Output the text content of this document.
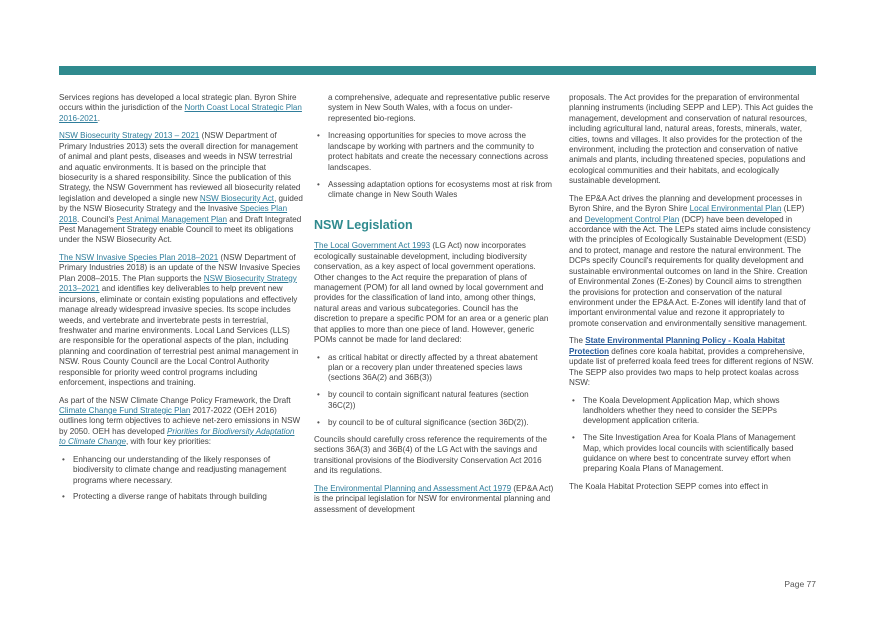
Services regions has developed a local strategic plan. Byron Shire occurs within the jurisdiction of the North Coast Local Strategic Plan 2016-2021.

NSW Biosecurity Strategy 2013 – 2021 (NSW Department of Primary Industries 2013) sets the overall direction for management of animal and plant pests, diseases and weeds in NSW terrestrial and aquatic environments. It is based on the principle that biosecurity is a shared responsibility. Since the publication of this Strategy, the NSW Government has reviewed all biosecurity related legislation and developed a single new NSW Biosecurity Act, guided by the NSW Biosecurity Strategy and the Invasive Species Plan 2018. Council's Pest Animal Management Plan and Draft Integrated Pest Management Strategy enable Council to meet its obligations under the NSW Biosecurity Act.

The NSW Invasive Species Plan 2018–2021 (NSW Department of Primary Industries 2018) is an update of the NSW Invasive Species Plan 2008–2015. The Plan supports the NSW Biosecurity Strategy 2013–2021 and identifies key deliverables to help prevent new incursions, eliminate or contain existing populations and effectively manage already widespread invasive species. Its scope includes weeds, and vertebrate and invertebrate pests in terrestrial, freshwater and marine environments. Local Land Services (LLS) are responsible for the operational aspects of the plan, including planning and coordination of terrestrial pest animal management in NSW. Rous County Council are the Local Control Authority responsible for priority weed control programs including enforcement, inspections and training.

As part of the NSW Climate Change Policy Framework, the Draft Climate Change Fund Strategic Plan 2017-2022 (OEH 2016) outlines long term objectives to achieve net-zero emissions in NSW by 2050. OEH has developed Priorities for Biodiversity Adaptation to Climate Change, with four key priorities:

• Enhancing our understanding of the likely responses of biodiversity to climate change and readjusting management programs where necessary.
• Protecting a diverse range of habitats through building

a comprehensive, adequate and representative public reserve system in New South Wales, with a focus on under-represented bio-regions.

• Increasing opportunities for species to move across the landscape by working with partners and the community to protect habitats and create the necessary connections across landscapes.
• Assessing adaptation options for ecosystems most at risk from climate change in New South Wales
NSW Legislation

The Local Government Act 1993 (LG Act) now incorporates ecologically sustainable development, including biodiversity conservation, as a key aspect of local government operations. Other changes to the Act require the preparation of plans of management (POM) for all land owned by local government and provides for the classification of land into, among other things, natural areas and various subcategories. Council has the discretion to prepare a specific POM for an area or a generic plan that applies to more than one piece of land. However, generic POMs cannot be made for land declared:

• as critical habitat or directly affected by a threat abatement plan or a recovery plan under threatened species laws (sections 36A(2) and 36B(3))
• by council to contain significant natural features (section 36C(2))
• by council to be of cultural significance (section 36D(2)).

Councils should carefully cross reference the requirements of the sections 36A(3) and 36B(4) of the LG Act with the savings and transitional provisions of the Biodiversity Conservation Act 2016 and its regulations.

The Environmental Planning and Assessment Act 1979 (EP&A Act) is the principal legislation for NSW for environmental planning and assessment of development

proposals. The Act provides for the preparation of environmental planning instruments (including SEPP and LEP). This Act guides the management, development and conservation of natural resources, including agricultural land, natural areas, forests, minerals, water, cities, towns and villages. It also provides for the protection of the environment, including the protection and conservation of native animals and plants, including threatened species, populations and ecological communities and their habitats, and ecologically sustainable development.

The EP&A Act drives the planning and development processes in Byron Shire, and the Byron Shire Local Environmental Plan (LEP) and Development Control Plan (DCP) have been developed in accordance with the Act. The LEPs stated aims include consistency with the principles of Ecologically Sustainable Development (ESD) and to protect, manage and restore the natural environment. The DCPs specify Council's requirements for quality development and sustainable environmental outcomes on land in the Shire. Creation of Environmental Zones (E-Zones) by Council aims to strengthen the provisions for protection and conservation of the natural environment under the EP&A Act. E-Zones will identify land that of important environmental value and rezone it appropriately to promote conservation and environmentally sensitive management.

The State Environmental Planning Policy - Koala Habitat Protection defines core koala habitat, provides a comprehensive, update list of preferred koala feed trees for different regions of NSW. The SEPP also provides two maps to help protect koalas across NSW:

• The Koala Development Application Map, which shows landholders whether they need to consider the SEPPs development application criteria.
• The Site Investigation Area for Koala Plans of Management Map, which provides local councils with scientifically based guidance on where best to concentrate survey effort when preparing Koala Plans of Management.

The Koala Habitat Protection SEPP comes into effect in

Page 77
